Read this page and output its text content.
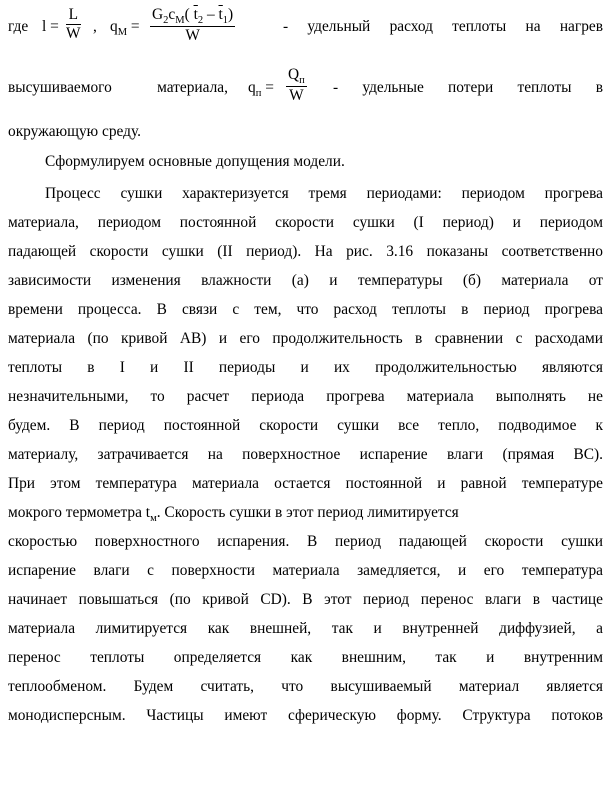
где $l = \frac{L}{W}$ , $q_M = \frac{G_2c_M( \overline{t}_2 - \overline{t}_1)}{W}$	- удельный расход теплоты на нагрев
высушиваемого материала, $q_п$ =
$Q_п$
W - удельные потери теплоты в
окружающую среду.
Сформулируем основные допущения модели.
Процесс сушки характеризуется тремя периодами: периодом прогрева
материала, периодом постоянной скорости сушки (I период) и периодом
падающей скорости сушки (II период). На рис. 3.16 показаны соответственно
зависимости изменения влажности (а) и температуры (б) материала от
времени процесса. В связи с тем, что расход теплоты в период прогрева
материала (по кривой АВ) и его продолжительность в сравнении с расходами
теплоты в I и II периоды и их продолжительностью являются
незначительными, то расчет периода прогрева материала выполнять не
будем. В период постоянной скорости сушки все тепло, подводимое к
материалу, затрачивается на поверхностное испарение влаги (прямая ВС).
При этом температура материала остается постоянной и равной температуре
мокрого термометра $t_м$. Скорость сушки в этот период лимитируется
скоростью поверхностного испарения. В период падающей скорости сушки
испарение влаги с поверхности материала замедляется, и его температура
начинает повышаться (по кривой CD). В этот период перенос влаги в частице
материала лимитируется как внешней, так и внутренней диффузией, а
перенос теплоты определяется как внешним, так и внутренним
теплообменом. Будем считать, что высушиваемый материал является
монодисперсным. Частицы имеют сферическую форму. Структура потоков
